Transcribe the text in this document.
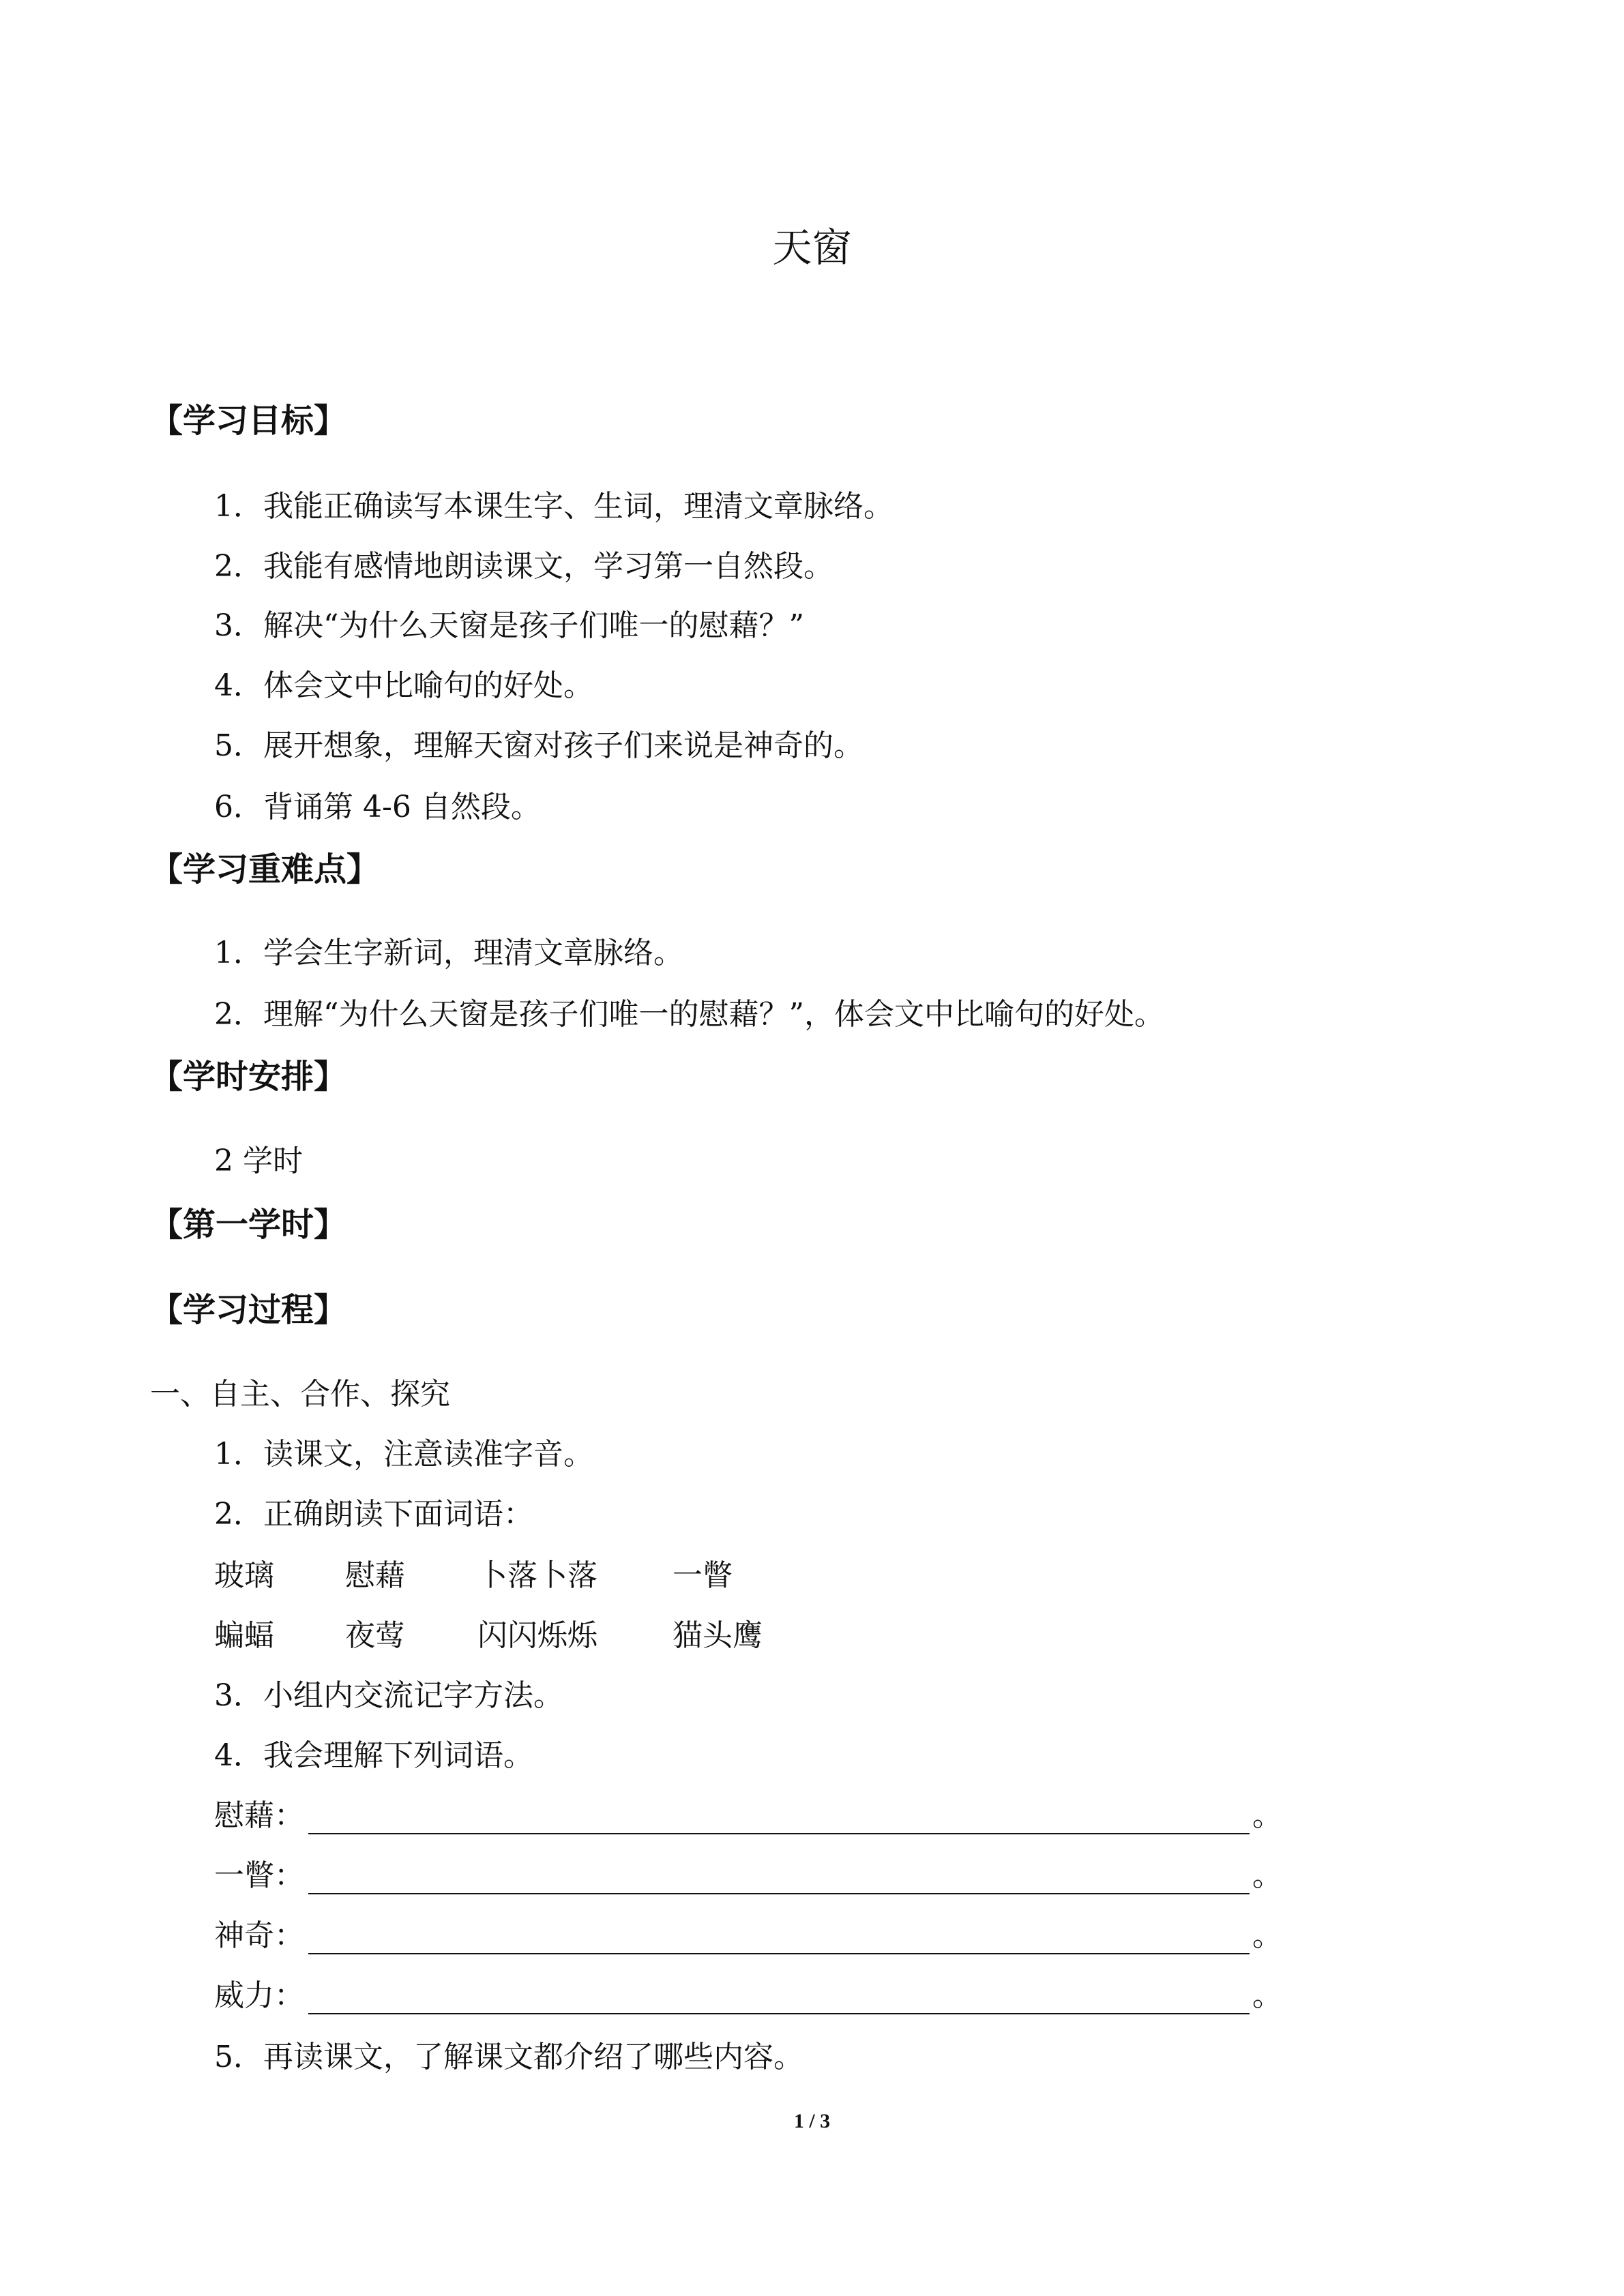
天窗
【学习目标】
1．我能正确读写本课生字、生词，理清文章脉络。
2．我能有感情地朗读课文，学习第一自然段。
3．解决“为什么天窗是孩子们唯一的慰藉？”
4．体会文中比喻句的好处。
5．展开想象，理解天窗对孩子们来说是神奇的。
6．背诵第 4-6 自然段。
【学习重难点】
1．学会生字新词，理清文章脉络。
2．理解“为什么天窗是孩子们唯一的慰藉？”，体会文中比喻句的好处。
【学时安排】
2 学时
【第一学时】
【学习过程】
一、自主、合作、探究
1．读课文，注意读准字音。
2．正确朗读下面词语：
玻璃 慰藉 卜落卜落	一瞥
蝙蝠 夜莺 闪闪烁烁	猫头鹰
3．小组内交流记字方法。
4．我会理解下列词语。
慰藉：	。
一瞥：	。
神奇：	。
威力：	。
5．再读课文，了解课文都介绍了哪些内容。
1 / 3
